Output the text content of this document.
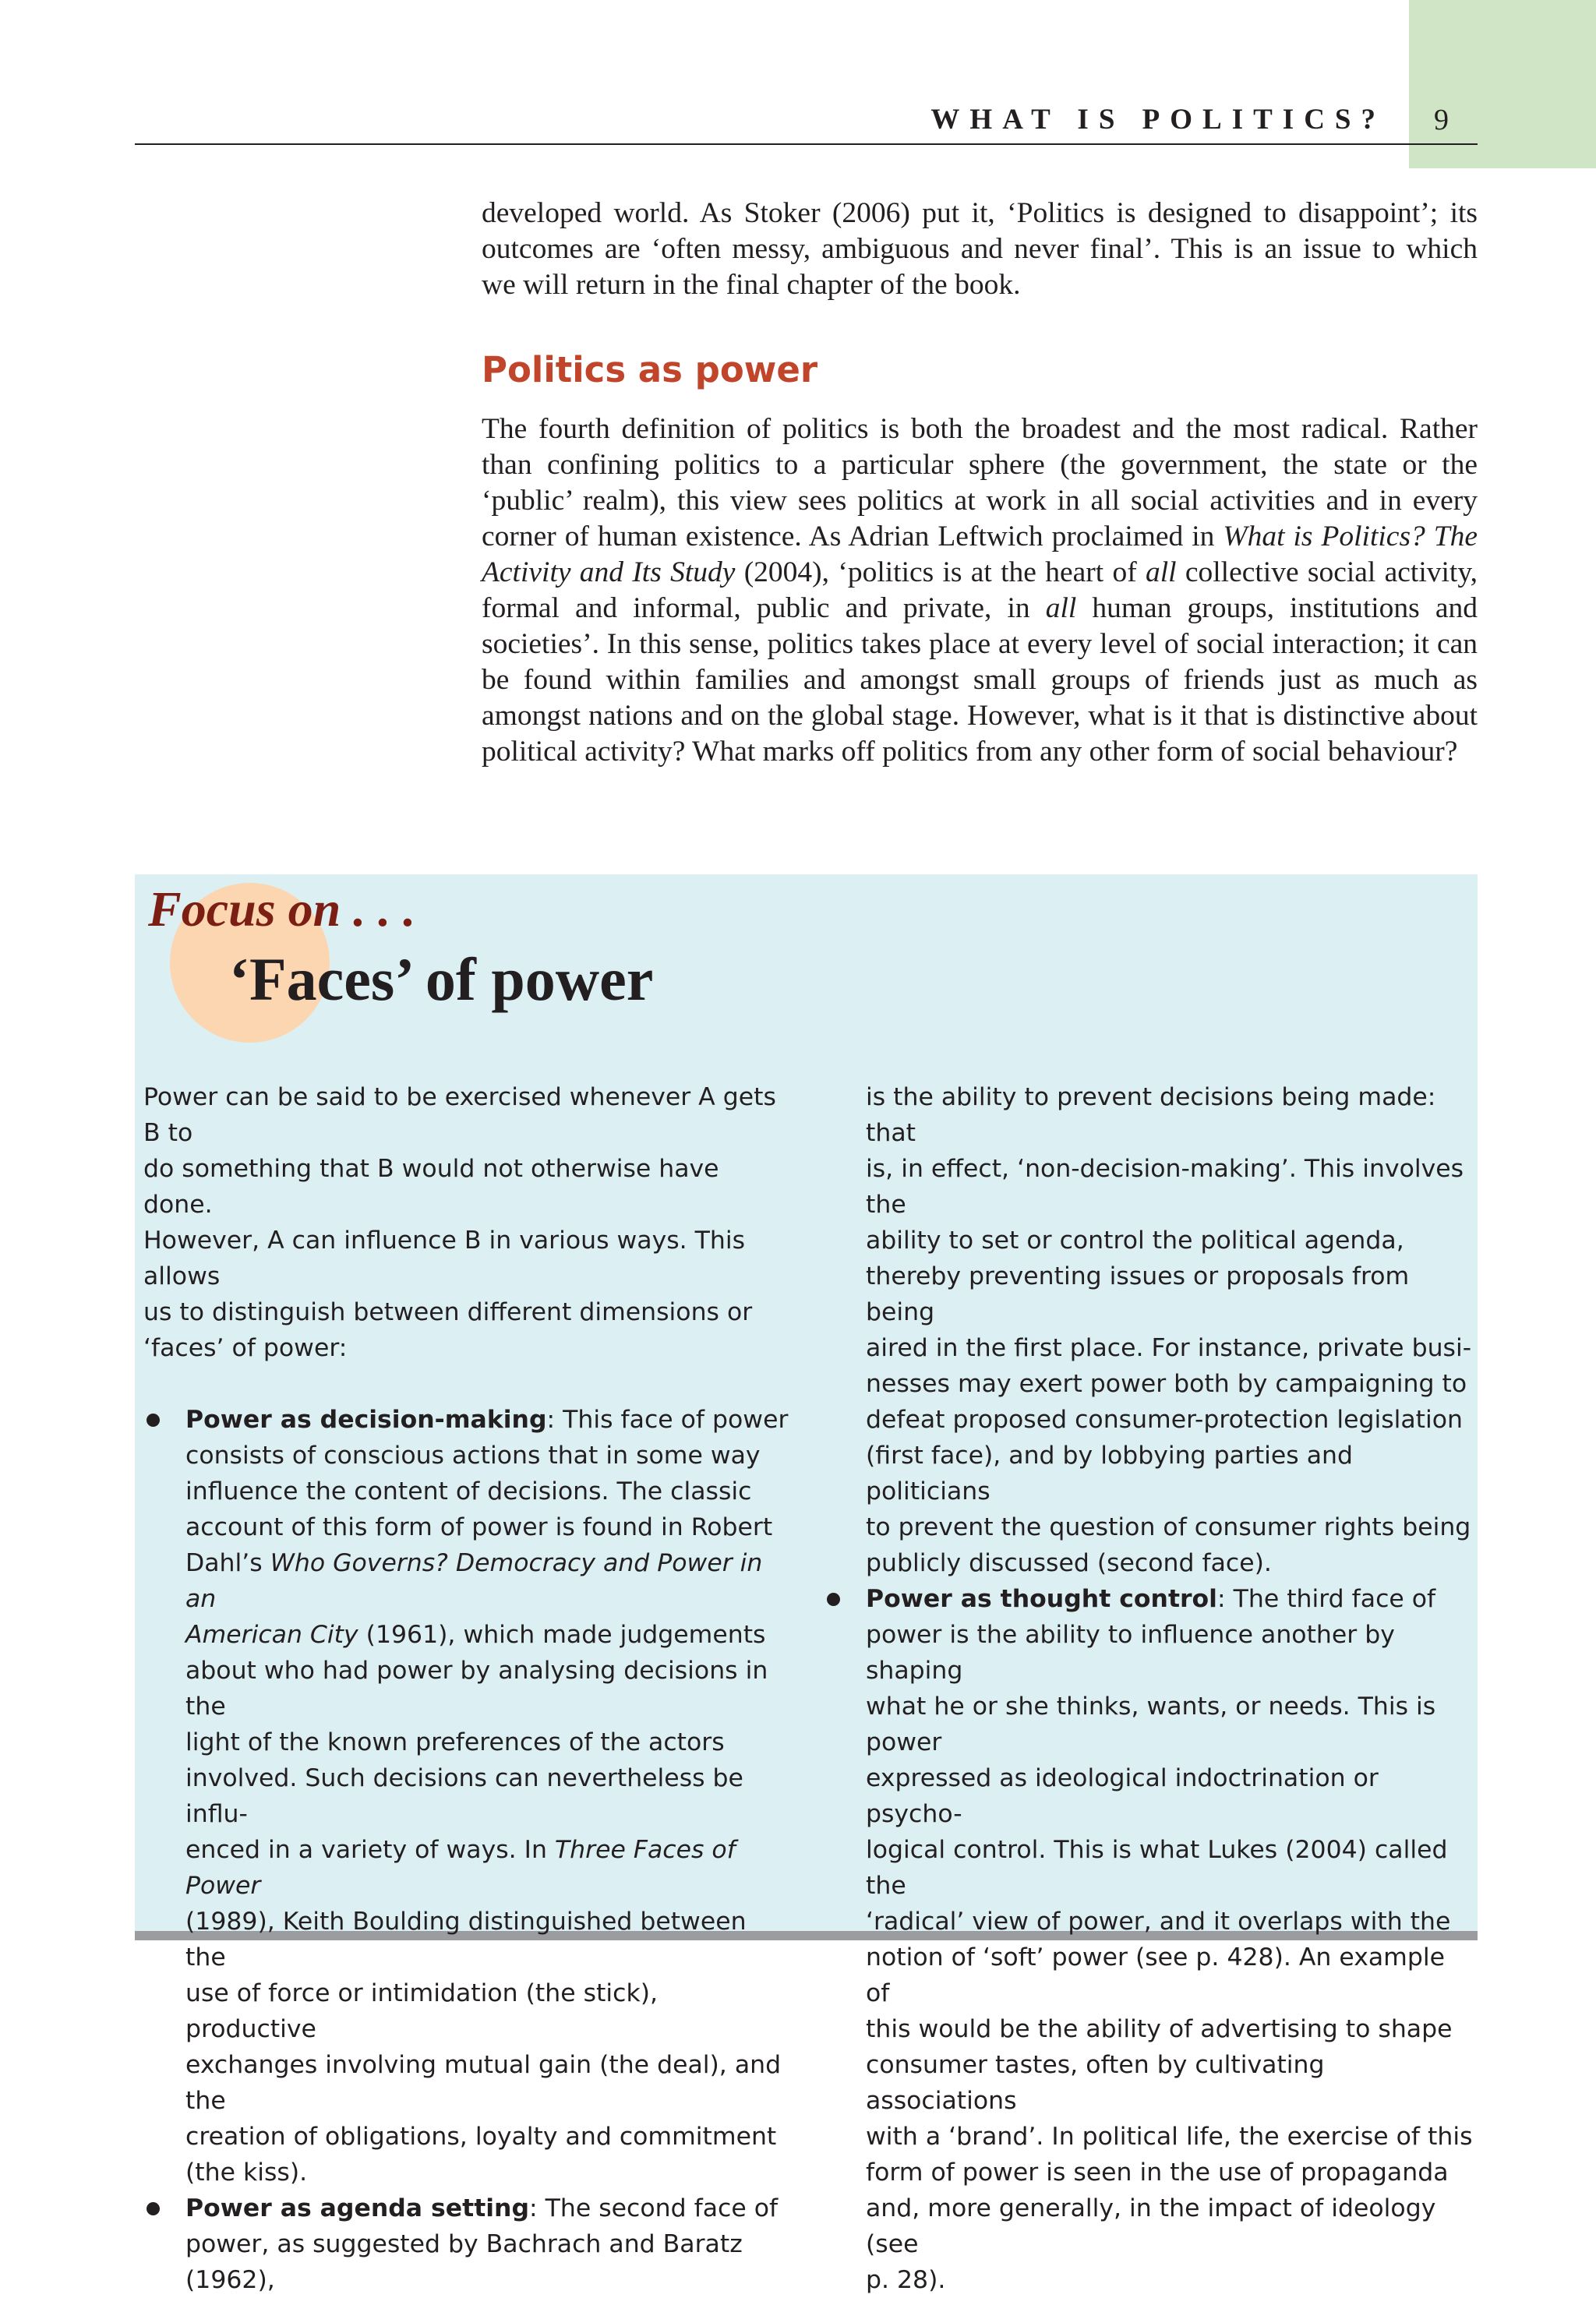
WHAT IS POLITICS? 9
developed world. As Stoker (2006) put it, ‘Politics is designed to disappoint’; its
outcomes are ‘often messy, ambiguous and never final’. This is an issue to which
we will return in the final chapter of the book.
Politics as power

The fourth definition of politics is both the broadest and the most radical. Rather than confining politics to a particular sphere (the government, the state or the ‘public’ realm), this view sees politics at work in all social activities and in every corner of human existence. As Adrian Leftwich proclaimed in What is Politics? The Activity and Its Study (2004), ‘politics is at the heart of all collective social activity, formal and informal, public and private, in all human groups, institutions and societies’. In this sense, politics takes place at every level of social interaction; it can be found within families and amongst small groups of friends just as much as amongst nations and on the global stage. However, what is it that is distinctive about political activity? What marks off politics from any other form of social behaviour?

Focus on . . .
‘Faces’ of power

Power can be said to be exercised whenever A gets B to

do something that B would not otherwise have done.

However, A can influence B in various ways. This allows

us to distinguish between different dimensions or

‘faces’ of power:

Power as decision-making: This face of power

consists of conscious actions that in some way

influence the content of decisions. The classic

account of this form of power is found in Robert

Dahl’s Who Governs? Democracy and Power in an

American City (1961), which made judgements

about who had power by analysing decisions in the

light of the known preferences of the actors

involved. Such decisions can nevertheless be influ-

enced in a variety of ways. In Three Faces of Power

(1989), Keith Boulding distinguished between the

use of force or intimidation (the stick), productive

exchanges involving mutual gain (the deal), and the

creation of obligations, loyalty and commitment

(the kiss).

Power as agenda setting: The second face of

power, as suggested by Bachrach and Baratz (1962),

is the ability to prevent decisions being made: that

is, in effect, ‘non-decision-making’. This involves the

ability to set or control the political agenda,

thereby preventing issues or proposals from being

aired in the first place. For instance, private busi-

nesses may exert power both by campaigning to

defeat proposed consumer-protection legislation

(first face), and by lobbying parties and politicians

to prevent the question of consumer rights being

publicly discussed (second face).

Power as thought control: The third face of

power is the ability to influence another by shaping

what he or she thinks, wants, or needs. This is power

expressed as ideological indoctrination or psycho-

logical control. This is what Lukes (2004) called the

‘radical’ view of power, and it overlaps with the

notion of ‘soft’ power (see p. 428). An example of

this would be the ability of advertising to shape

consumer tastes, often by cultivating associations

with a ‘brand’. In political life, the exercise of this

form of power is seen in the use of propaganda

and, more generally, in the impact of ideology (see

p. 28).
